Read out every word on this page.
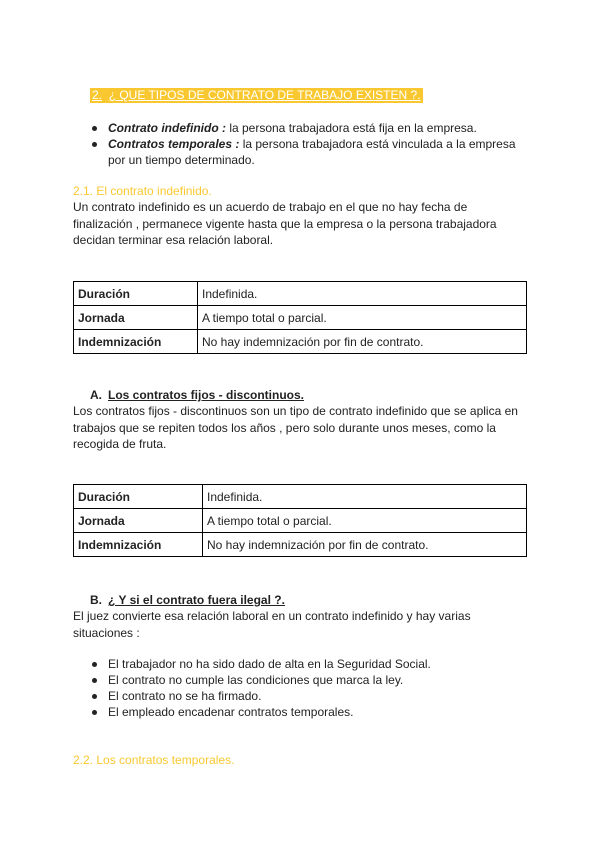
2. ¿ QUE TIPOS DE CONTRATO DE TRABAJO EXISTEN ?.
Contrato indefinido : la persona trabajadora está fija en la empresa.
Contratos temporales : la persona trabajadora está vinculada a la empresa
por un tiempo determinado.
2.1. El contrato indefinido.
Un contrato indefinido es un acuerdo de trabajo en el que no hay fecha de
finalización , permanece vigente hasta que la empresa o la persona trabajadora
decidan terminar esa relación laboral.
Duración	Indefinida.
Jornada	A tiempo total o parcial.
Indemnización	No hay indemnización por fin de contrato.
A. Los contratos fijos - discontinuos.
Los contratos fijos - discontinuos son un tipo de contrato indefinido que se aplica en
trabajos que se repiten todos los años , pero solo durante unos meses, como la
recogida de fruta.
Duración	Indefinida.
Jornada	A tiempo total o parcial.
Indemnización	No hay indemnización por fin de contrato.
B. ¿ Y si el contrato fuera ilegal ?.
El juez convierte esa relación laboral en un contrato indefinido y hay varias
situaciones :
El trabajador no ha sido dado de alta en la Seguridad Social.
El contrato no cumple las condiciones que marca la ley.
El contrato no se ha firmado.
El empleado encadenar contratos temporales.
2.2. Los contratos temporales.
